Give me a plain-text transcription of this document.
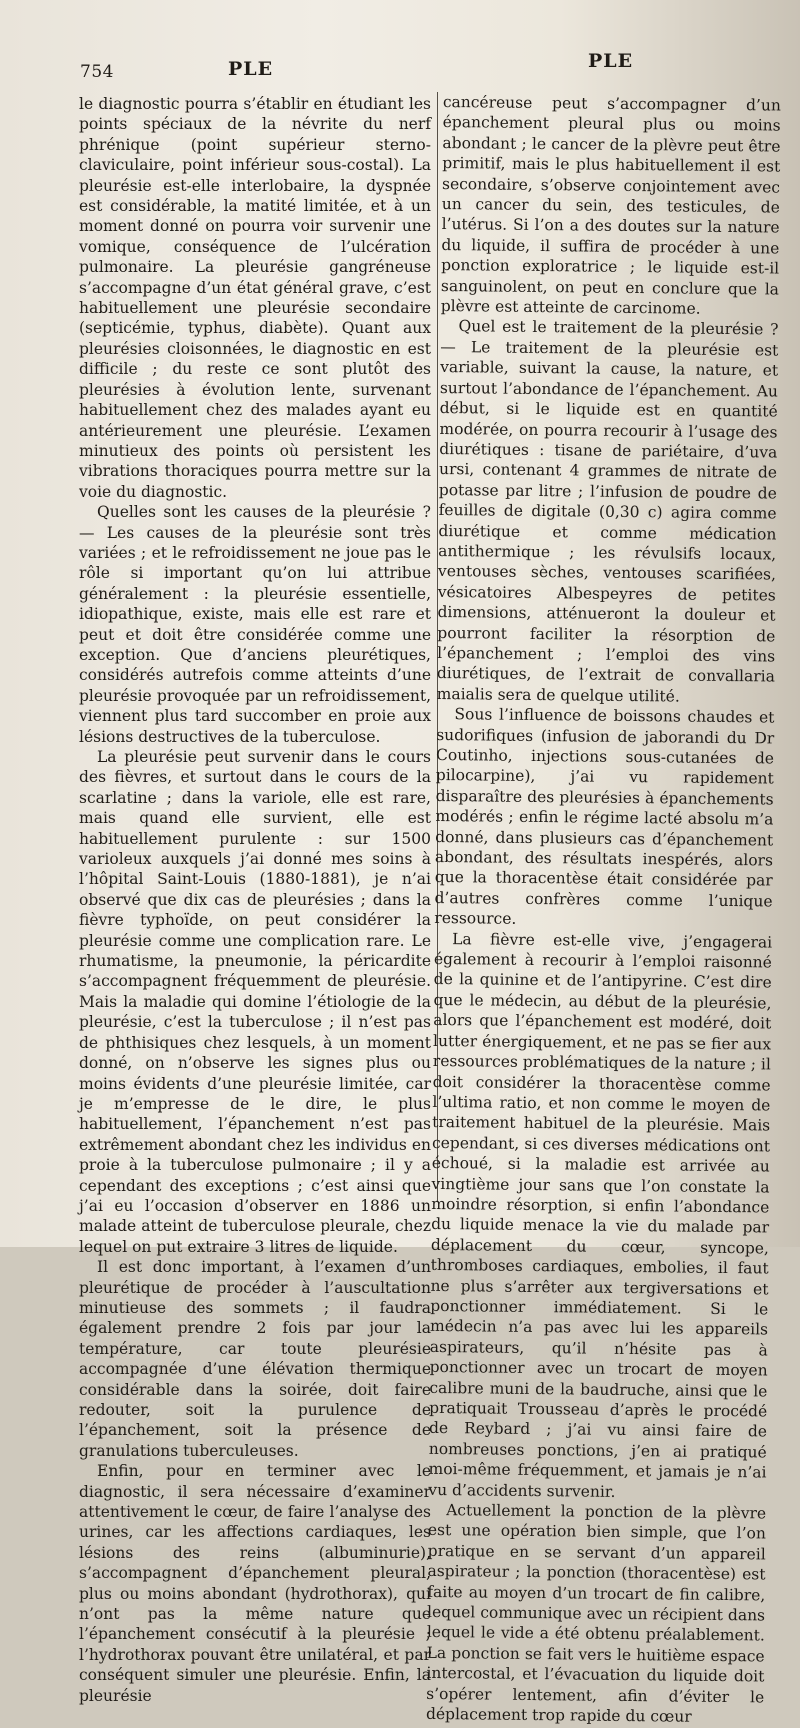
754	PLE	PLE

le diagnostic pourra s’établir en étudiant les points spéciaux de la névrite du nerf phrénique (point supérieur sterno-claviculaire, point inférieur sous-costal). La pleurésie est-elle interlobaire, la dyspnée est considérable, la matité limitée, et à un moment donné on pourra voir survenir une vomique, conséquence de l’ulcération pulmonaire. La pleurésie gangréneuse s’accompagne d’un état général grave, c’est habituellement une pleurésie secondaire (septicémie, typhus, diabète). Quant aux pleurésies cloisonnées, le diagnostic en est difficile ; du reste ce sont plutôt des pleurésies à évolution lente, survenant habituellement chez des malades ayant eu antérieurement une pleurésie. L’examen minutieux des points où persistent les vibrations thoraciques pourra mettre sur la voie du diagnostic.

Quelles sont les causes de la pleurésie ? — Les causes de la pleurésie sont très variées ; et le refroidissement ne joue pas le rôle si important qu’on lui attribue généralement : la pleurésie essentielle, idiopathique, existe, mais elle est rare et peut et doit être considérée comme une exception. Que d’anciens pleurétiques, considérés autrefois comme atteints d’une pleurésie provoquée par un refroidissement, viennent plus tard succomber en proie aux lésions destructives de la tuberculose.

La pleurésie peut survenir dans le cours des fièvres, et surtout dans le cours de la scarlatine ; dans la variole, elle est rare, mais quand elle survient, elle est habituellement purulente : sur 1500 varioleux auxquels j’ai donné mes soins à l’hôpital Saint-Louis (1880-1881), je n’ai observé que dix cas de pleurésies ; dans la fièvre typhoïde, on peut considérer la pleurésie comme une complication rare. Le rhumatisme, la pneumonie, la péricardite s’accompagnent fréquemment de pleurésie. Mais la maladie qui domine l’étiologie de la pleurésie, c’est la tuberculose ; il n’est pas de phthisiques chez lesquels, à un moment donné, on n’observe les signes plus ou moins évidents d’une pleurésie limitée, car je m’empresse de le dire, le plus habituellement, l’épanchement n’est pas extrêmement abondant chez les individus en proie à la tuberculose pulmonaire ; il y a cependant des exceptions ; c’est ainsi que j’ai eu l’occasion d’observer en 1886 un malade atteint de tuberculose pleurale, chez lequel on put extraire 3 litres de liquide.

Il est donc important, à l’examen d’un pleurétique de procéder à l’auscultation minutieuse des sommets ; il faudra également prendre 2 fois par jour la température, car toute pleurésie accompagnée d’une élévation thermique considérable dans la soirée, doit faire redouter, soit la purulence de l’épanchement, soit la présence de granulations tuberculeuses.

Enfin, pour en terminer avec le diagnostic, il sera nécessaire d’examiner attentivement le cœur, de faire l’analyse des urines, car les affections cardiaques, les lésions des reins (albuminurie), s’accompagnent d’épanchement pleural, plus ou moins abondant (hydrothorax), qui n’ont pas la même nature que l’épanchement consécutif à la pleurésie ; l’hydrothorax pouvant être unilatéral, et par conséquent simuler une pleurésie. Enfin, la pleurésie

cancéreuse peut s’accompagner d’un épanchement pleural plus ou moins abondant ; le cancer de la plèvre peut être primitif, mais le plus habituellement il est secondaire, s’observe conjointement avec un cancer du sein, des testicules, de l’utérus. Si l’on a des doutes sur la nature du liquide, il suffira de procéder à une ponction exploratrice ; le liquide est-il sanguinolent, on peut en conclure que la plèvre est atteinte de carcinome.

Quel est le traitement de la pleurésie ? — Le traitement de la pleurésie est variable, suivant la cause, la nature, et surtout l’abondance de l’épanchement. Au début, si le liquide est en quantité modérée, on pourra recourir à l’usage des diurétiques : tisane de pariétaire, d’uva ursi, contenant 4 grammes de nitrate de potasse par litre ; l’infusion de poudre de feuilles de digitale (0,30 c) agira comme diurétique et comme médication antithermique ; les révulsifs locaux, ventouses sèches, ventouses scarifiées, vésicatoires Albespeyres de petites dimensions, atténueront la douleur et pourront faciliter la résorption de l’épanchement ; l’emploi des vins diurétiques, de l’extrait de convallaria maialis sera de quelque utilité.

Sous l’influence de boissons chaudes et sudorifiques (infusion de jaborandi du Dr Coutinho, injections sous-cutanées de pilocarpine), j’ai vu rapidement disparaître des pleurésies à épanchements modérés ; enfin le régime lacté absolu m’a donné, dans plusieurs cas d’épanchement abondant, des résultats inespérés, alors que la thoracentèse était considérée par d’autres confrères comme l’unique ressource.

La fièvre est-elle vive, j’engagerai également à recourir à l’emploi raisonné de la quinine et de l’antipyrine. C’est dire que le médecin, au début de la pleurésie, alors que l’épanchement est modéré, doit lutter énergiquement, et ne pas se fier aux ressources problématiques de la nature ; il doit considérer la thoracentèse comme l’ultima ratio, et non comme le moyen de traitement habituel de la pleurésie. Mais cependant, si ces diverses médications ont échoué, si la maladie est arrivée au vingtième jour sans que l’on constate la moindre résorption, si enfin l’abondance du liquide menace la vie du malade par déplacement du cœur, syncope, thromboses cardiaques, embolies, il faut ne plus s’arrêter aux tergiversations et ponctionner immédiatement. Si le médecin n’a pas avec lui les appareils aspirateurs, qu’il n’hésite pas à ponctionner avec un trocart de moyen calibre muni de la baudruche, ainsi que le pratiquait Trousseau d’après le procédé de Reybard ; j’ai vu ainsi faire de nombreuses ponctions, j’en ai pratiqué moi-même fréquemment, et jamais je n’ai vu d’accidents survenir.

Actuellement la ponction de la plèvre est une opération bien simple, que l’on pratique en se servant d’un appareil aspirateur ; la ponction (thoracentèse) est faite au moyen d’un trocart de fin calibre, lequel communique avec un récipient dans lequel le vide a été obtenu préalablement. La ponction se fait vers le huitième espace intercostal, et l’évacuation du liquide doit s’opérer lentement, afin d’éviter le déplacement trop rapide du cœur
